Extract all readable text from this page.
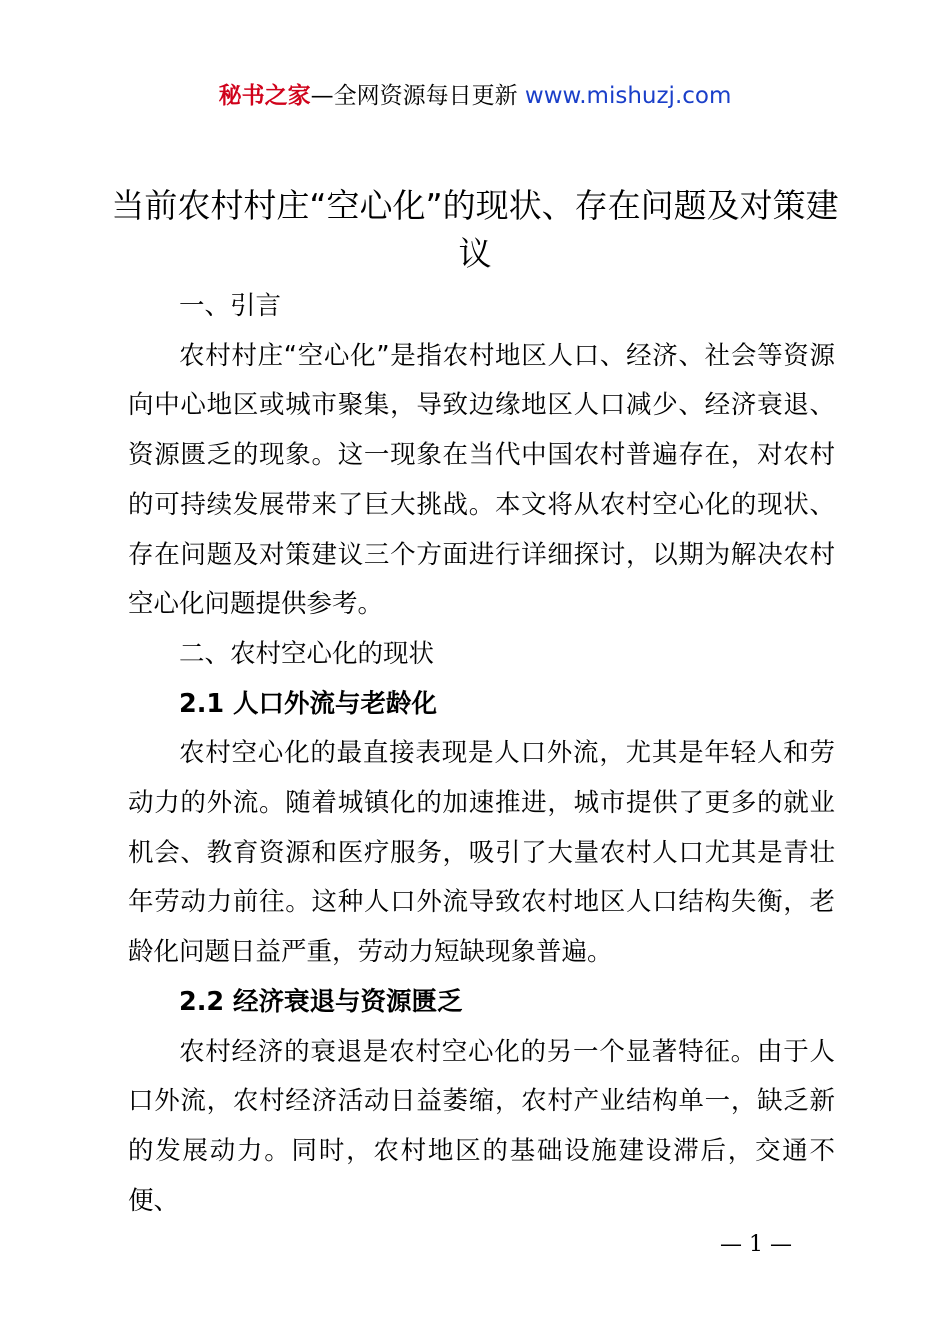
秘书之家—全网资源每日更新 www.mishuzj.com
当前农村村庄“空心化”的现状、存在问题及对策建议

一、引言

农村村庄“空心化”是指农村地区人口、经济、社会等资源向中心地区或城市聚集，导致边缘地区人口减少、经济衰退、资源匮乏的现象。这一现象在当代中国农村普遍存在，对农村的可持续发展带来了巨大挑战。本文将从农村空心化的现状、存在问题及对策建议三个方面进行详细探讨，以期为解决农村空心化问题提供参考。

二、农村空心化的现状

2.1 人口外流与老龄化

农村空心化的最直接表现是人口外流，尤其是年轻人和劳动力的外流。随着城镇化的加速推进，城市提供了更多的就业机会、教育资源和医疗服务，吸引了大量农村人口尤其是青壮年劳动力前往。这种人口外流导致农村地区人口结构失衡，老龄化问题日益严重，劳动力短缺现象普遍。

2.2 经济衰退与资源匮乏

农村经济的衰退是农村空心化的另一个显著特征。由于人口外流，农村经济活动日益萎缩，农村产业结构单一，缺乏新的发展动力。同时，农村地区的基础设施建设滞后，交通不便、

— 1 —
